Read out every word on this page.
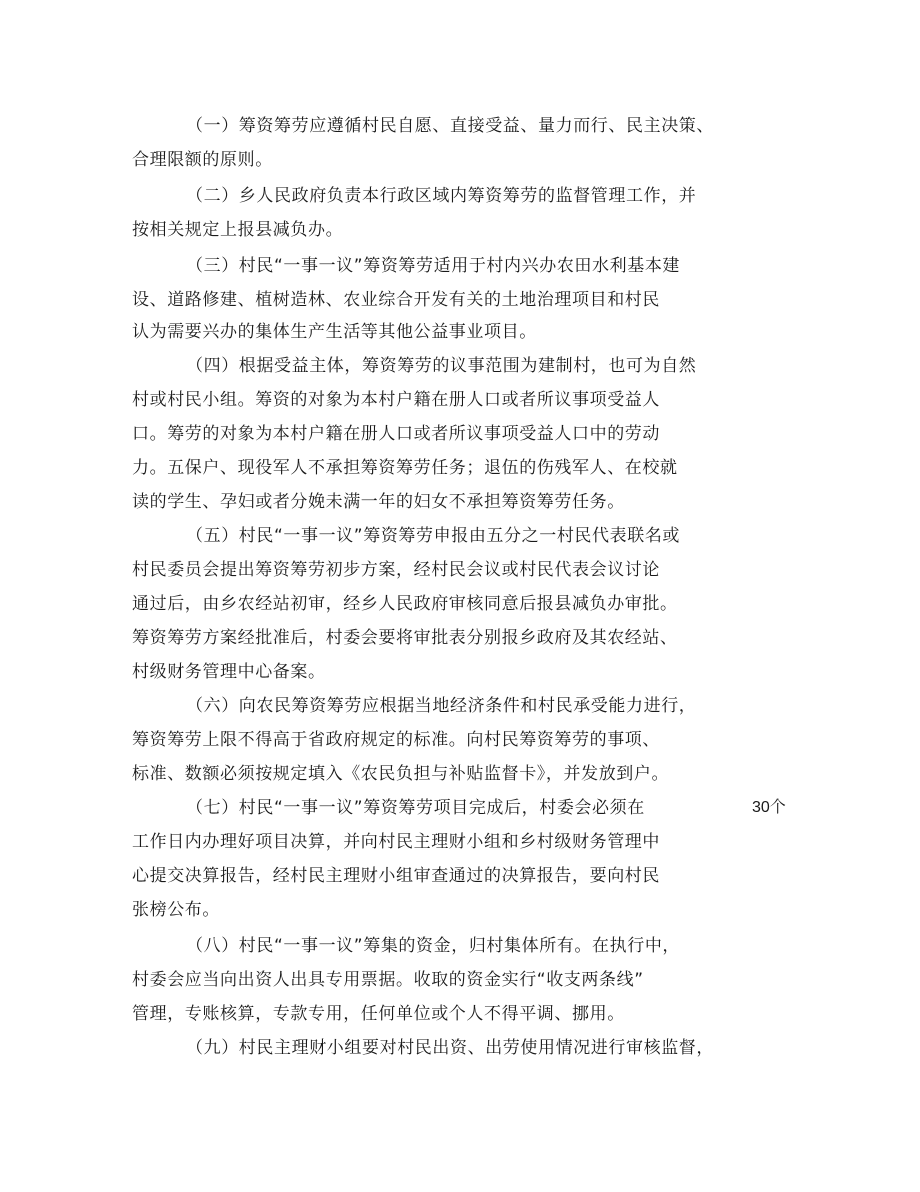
（一）筹资筹劳应遵循村民自愿、直接受益、量力而行、民主决策、
合理限额的原则。
（二）乡人民政府负责本行政区域内筹资筹劳的监督管理工作，并
按相关规定上报县减负办。
（三）村民“一事一议”筹资筹劳适用于村内兴办农田水利基本建
设、道路修建、植树造林、农业综合开发有关的土地治理项目和村民
认为需要兴办的集体生产生活等其他公益事业项目。
（四）根据受益主体，筹资筹劳的议事范围为建制村，也可为自然
村或村民小组。筹资的对象为本村户籍在册人口或者所议事项受益人
口。筹劳的对象为本村户籍在册人口或者所议事项受益人口中的劳动
力。五保户、现役军人不承担筹资筹劳任务；退伍的伤残军人、在校就
读的学生、孕妇或者分娩未满一年的妇女不承担筹资筹劳任务。
（五）村民“一事一议”筹资筹劳申报由五分之一村民代表联名或
村民委员会提出筹资筹劳初步方案，经村民会议或村民代表会议讨论
通过后，由乡农经站初审，经乡人民政府审核同意后报县减负办审批。
筹资筹劳方案经批准后，村委会要将审批表分别报乡政府及其农经站、
村级财务管理中心备案。
（六）向农民筹资筹劳应根据当地经济条件和村民承受能力进行，
筹资筹劳上限不得高于省政府规定的标准。向村民筹资筹劳的事项、
标准、数额必须按规定填入《农民负担与补贴监督卡》，并发放到户。
（七）村民“一事一议”筹资筹劳项目完成后，村委会必须在	30个
工作日内办理好项目决算，并向村民主理财小组和乡村级财务管理中
心提交决算报告，经村民主理财小组审查通过的决算报告，要向村民
张榜公布。
（八）村民“一事一议”筹集的资金，归村集体所有。在执行中，
村委会应当向出资人出具专用票据。收取的资金实行“收支两条线”
管理，专账核算，专款专用，任何单位或个人不得平调、挪用。
（九）村民主理财小组要对村民出资、出劳使用情况进行审核监督，
